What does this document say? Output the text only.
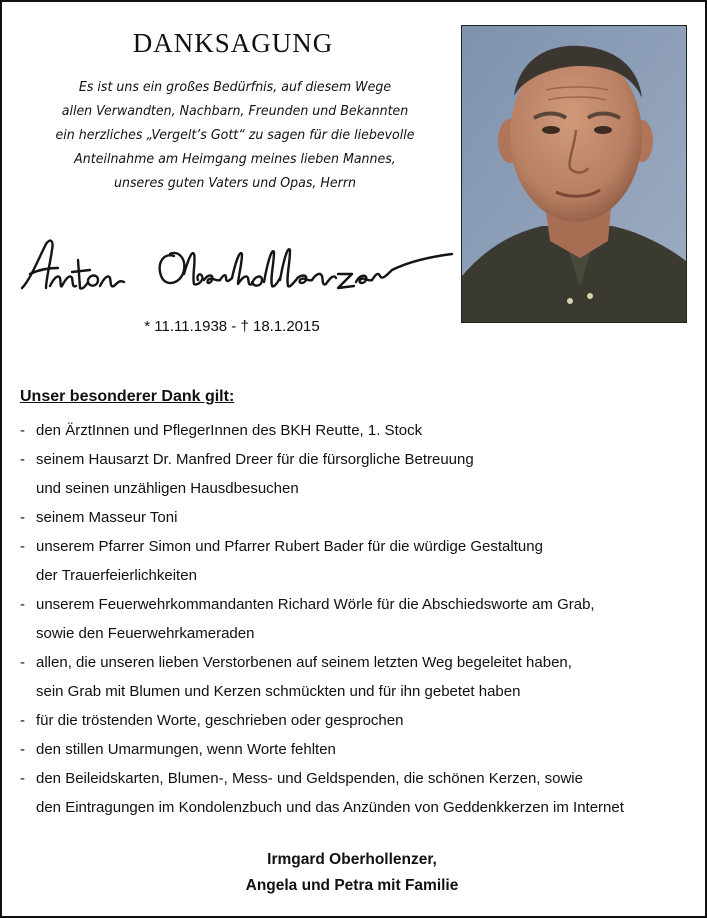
DANKSAGUNG
Es ist uns ein großes Bedürfnis, auf diesem Wege
allen Verwandten, Nachbarn, Freunden und Bekannten
ein herzliches „Vergelt’s Gott“ zu sagen für die liebevolle
Anteilnahme am Heimgang meines lieben Mannes,
unseres guten Vaters und Opas, Herrn
* 11.11.1938 - † 18.1.2015
Unser besonderer Dank gilt:
- den ÄrztInnen und PflegerInnen des BKH Reutte, 1. Stock
- seinem Hausarzt Dr. Manfred Dreer für die fürsorgliche Betreuung
und seinen unzähligen Hausdbesuchen
- seinem Masseur Toni
- unserem Pfarrer Simon und Pfarrer Rubert Bader für die würdige Gestaltung
der Trauerfeierlichkeiten
- unserem Feuerwehrkommandanten Richard Wörle für die Abschiedsworte am Grab,
sowie den Feuerwehrkameraden
- allen, die unseren lieben Verstorbenen auf seinem letzten Weg begeleitet haben,
sein Grab mit Blumen und Kerzen schmückten und für ihn gebetet haben
- für die tröstenden Worte, geschrieben oder gesprochen
- den stillen Umarmungen, wenn Worte fehlten
- den Beileidskarten, Blumen-, Mess- und Geldspenden, die schönen Kerzen, sowie
den Eintragungen im Kondolenzbuch und das Anzünden von Geddenkkerzen im Internet
Irmgard Oberhollenzer,
Angela und Petra mit Familie
